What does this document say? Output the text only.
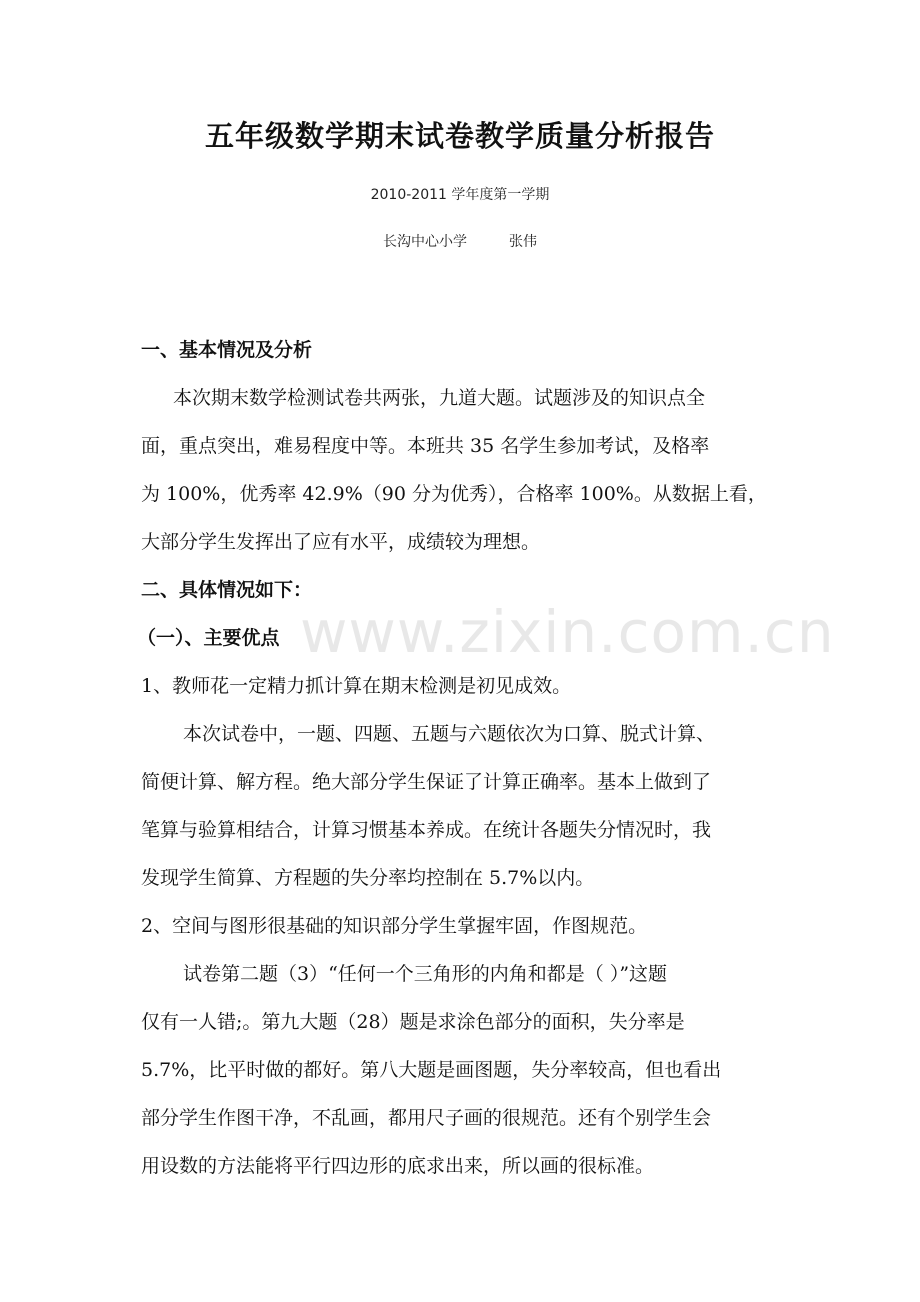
五年级数学期末试卷教学质量分析报告
2010-2011 学年度第一学期
长沟中心小学	张伟
一、基本情况及分析
本次期末数学检测试卷共两张，九道大题。试题涉及的知识点全
面，重点突出，难易程度中等。本班共 35 名学生参加考试，及格率
为 100%，优秀率 42.9%（90 分为优秀），合格率 100%。从数据上看，
大部分学生发挥出了应有水平，成绩较为理想。
二、具体情况如下：
（一）、主要优点
1、教师花一定精力抓计算在期末检测是初见成效。
本次试卷中，一题、四题、五题与六题依次为口算、脱式计算、
简便计算、解方程。绝大部分学生保证了计算正确率。基本上做到了
笔算与验算相结合，计算习惯基本养成。在统计各题失分情况时，我
发现学生简算、方程题的失分率均控制在 5.7%以内。
2、空间与图形很基础的知识部分学生掌握牢固，作图规范。
试卷第二题（3）“任何一个三角形的内角和都是（ ）”这题
仅有一人错;。第九大题（28）题是求涂色部分的面积，失分率是
5.7%，比平时做的都好。第八大题是画图题，失分率较高，但也看出
部分学生作图干净，不乱画，都用尺子画的很规范。还有个别学生会
用设数的方法能将平行四边形的底求出来，所以画的很标准。
www.zixin.com.cn
